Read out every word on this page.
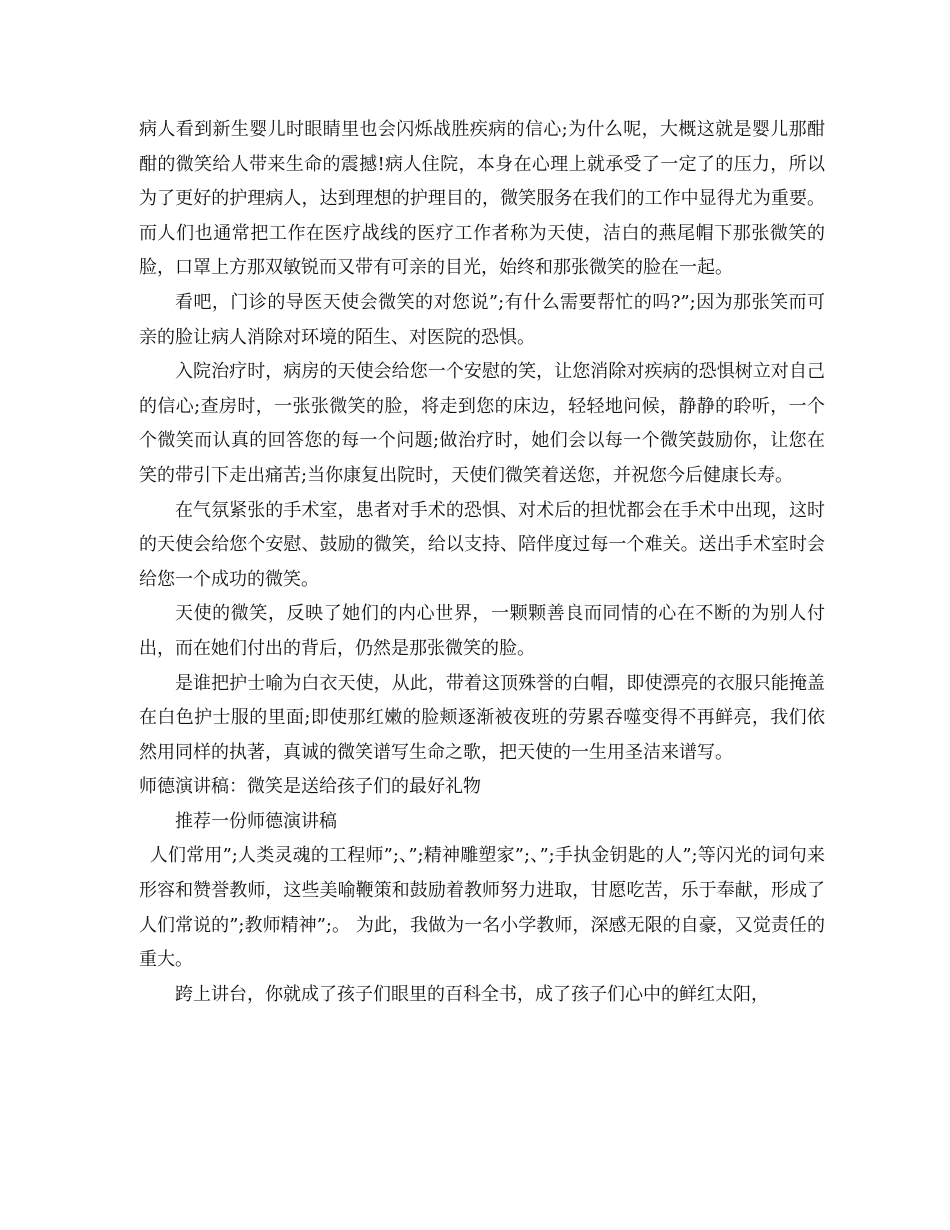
病人看到新生婴儿时眼睛里也会闪烁战胜疾病的信心;为什么呢，大概这就是婴儿那酣酣的微笑给人带来生命的震撼!病人住院，本身在心理上就承受了一定了的压力，所以为了更好的护理病人，达到理想的护理目的，微笑服务在我们的工作中显得尤为重要。而人们也通常把工作在医疗战线的医疗工作者称为天使，洁白的燕尾帽下那张微笑的脸，口罩上方那双敏锐而又带有可亲的目光，始终和那张微笑的脸在一起。

看吧，门诊的导医天使会微笑的对您说”;有什么需要帮忙的吗?”;因为那张笑而可亲的脸让病人消除对环境的陌生、对医院的恐惧。

入院治疗时，病房的天使会给您一个安慰的笑，让您消除对疾病的恐惧树立对自己的信心;查房时，一张张微笑的脸，将走到您的床边，轻轻地问候，静静的聆听，一个个微笑而认真的回答您的每一个问题;做治疗时，她们会以每一个微笑鼓励你，让您在笑的带引下走出痛苦;当你康复出院时，天使们微笑着送您，并祝您今后健康长寿。

在气氛紧张的手术室，患者对手术的恐惧、对术后的担忧都会在手术中出现，这时的天使会给您个安慰、鼓励的微笑，给以支持、陪伴度过每一个难关。送出手术室时会给您一个成功的微笑。

天使的微笑，反映了她们的内心世界，一颗颗善良而同情的心在不断的为别人付出，而在她们付出的背后，仍然是那张微笑的脸。

是谁把护士喻为白衣天使，从此，带着这顶殊誉的白帽，即使漂亮的衣服只能掩盖在白色护士服的里面;即使那红嫩的脸颊逐渐被夜班的劳累吞噬变得不再鲜亮，我们依然用同样的执著，真诚的微笑谱写生命之歌，把天使的一生用圣洁来谱写。

师德演讲稿：微笑是送给孩子们的最好礼物

推荐一份师德演讲稿

人们常用”;人类灵魂的工程师”;、”;精神雕塑家”;、”;手执金钥匙的人”;等闪光的词句来形容和赞誉教师，这些美喻鞭策和鼓励着教师努力进取，甘愿吃苦，乐于奉献，形成了人们常说的”;教师精神”;。 为此，我做为一名小学教师，深感无限的自豪，又觉责任的重大。

跨上讲台，你就成了孩子们眼里的百科全书，成了孩子们心中的鲜红太阳，
